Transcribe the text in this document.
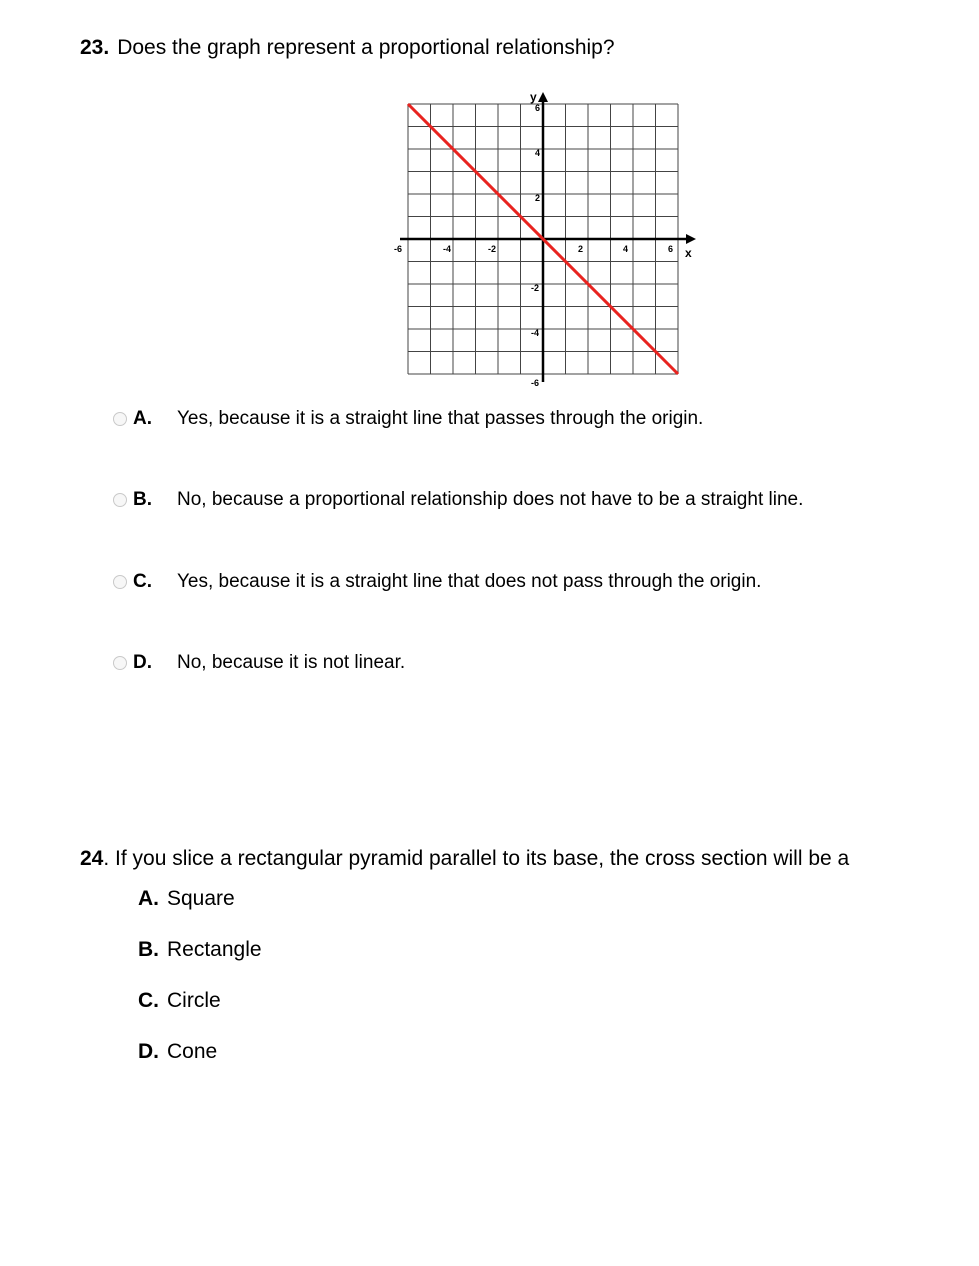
23. Does the graph represent a proportional relationship?
x
y
-6	-4	-2	2	4	6
6
4
2
-2
-4
-6
A.	Yes, because it is a straight line that passes through the origin.
B.	No, because a proportional relationship does not have to be a straight line.
C.	Yes, because it is a straight line that does not pass through the origin.
D.	No, because it is not linear.
24. If you slice a rectangular pyramid parallel to its base, the cross section will be a
A. Square
B. Rectangle
C. Circle
D. Cone
